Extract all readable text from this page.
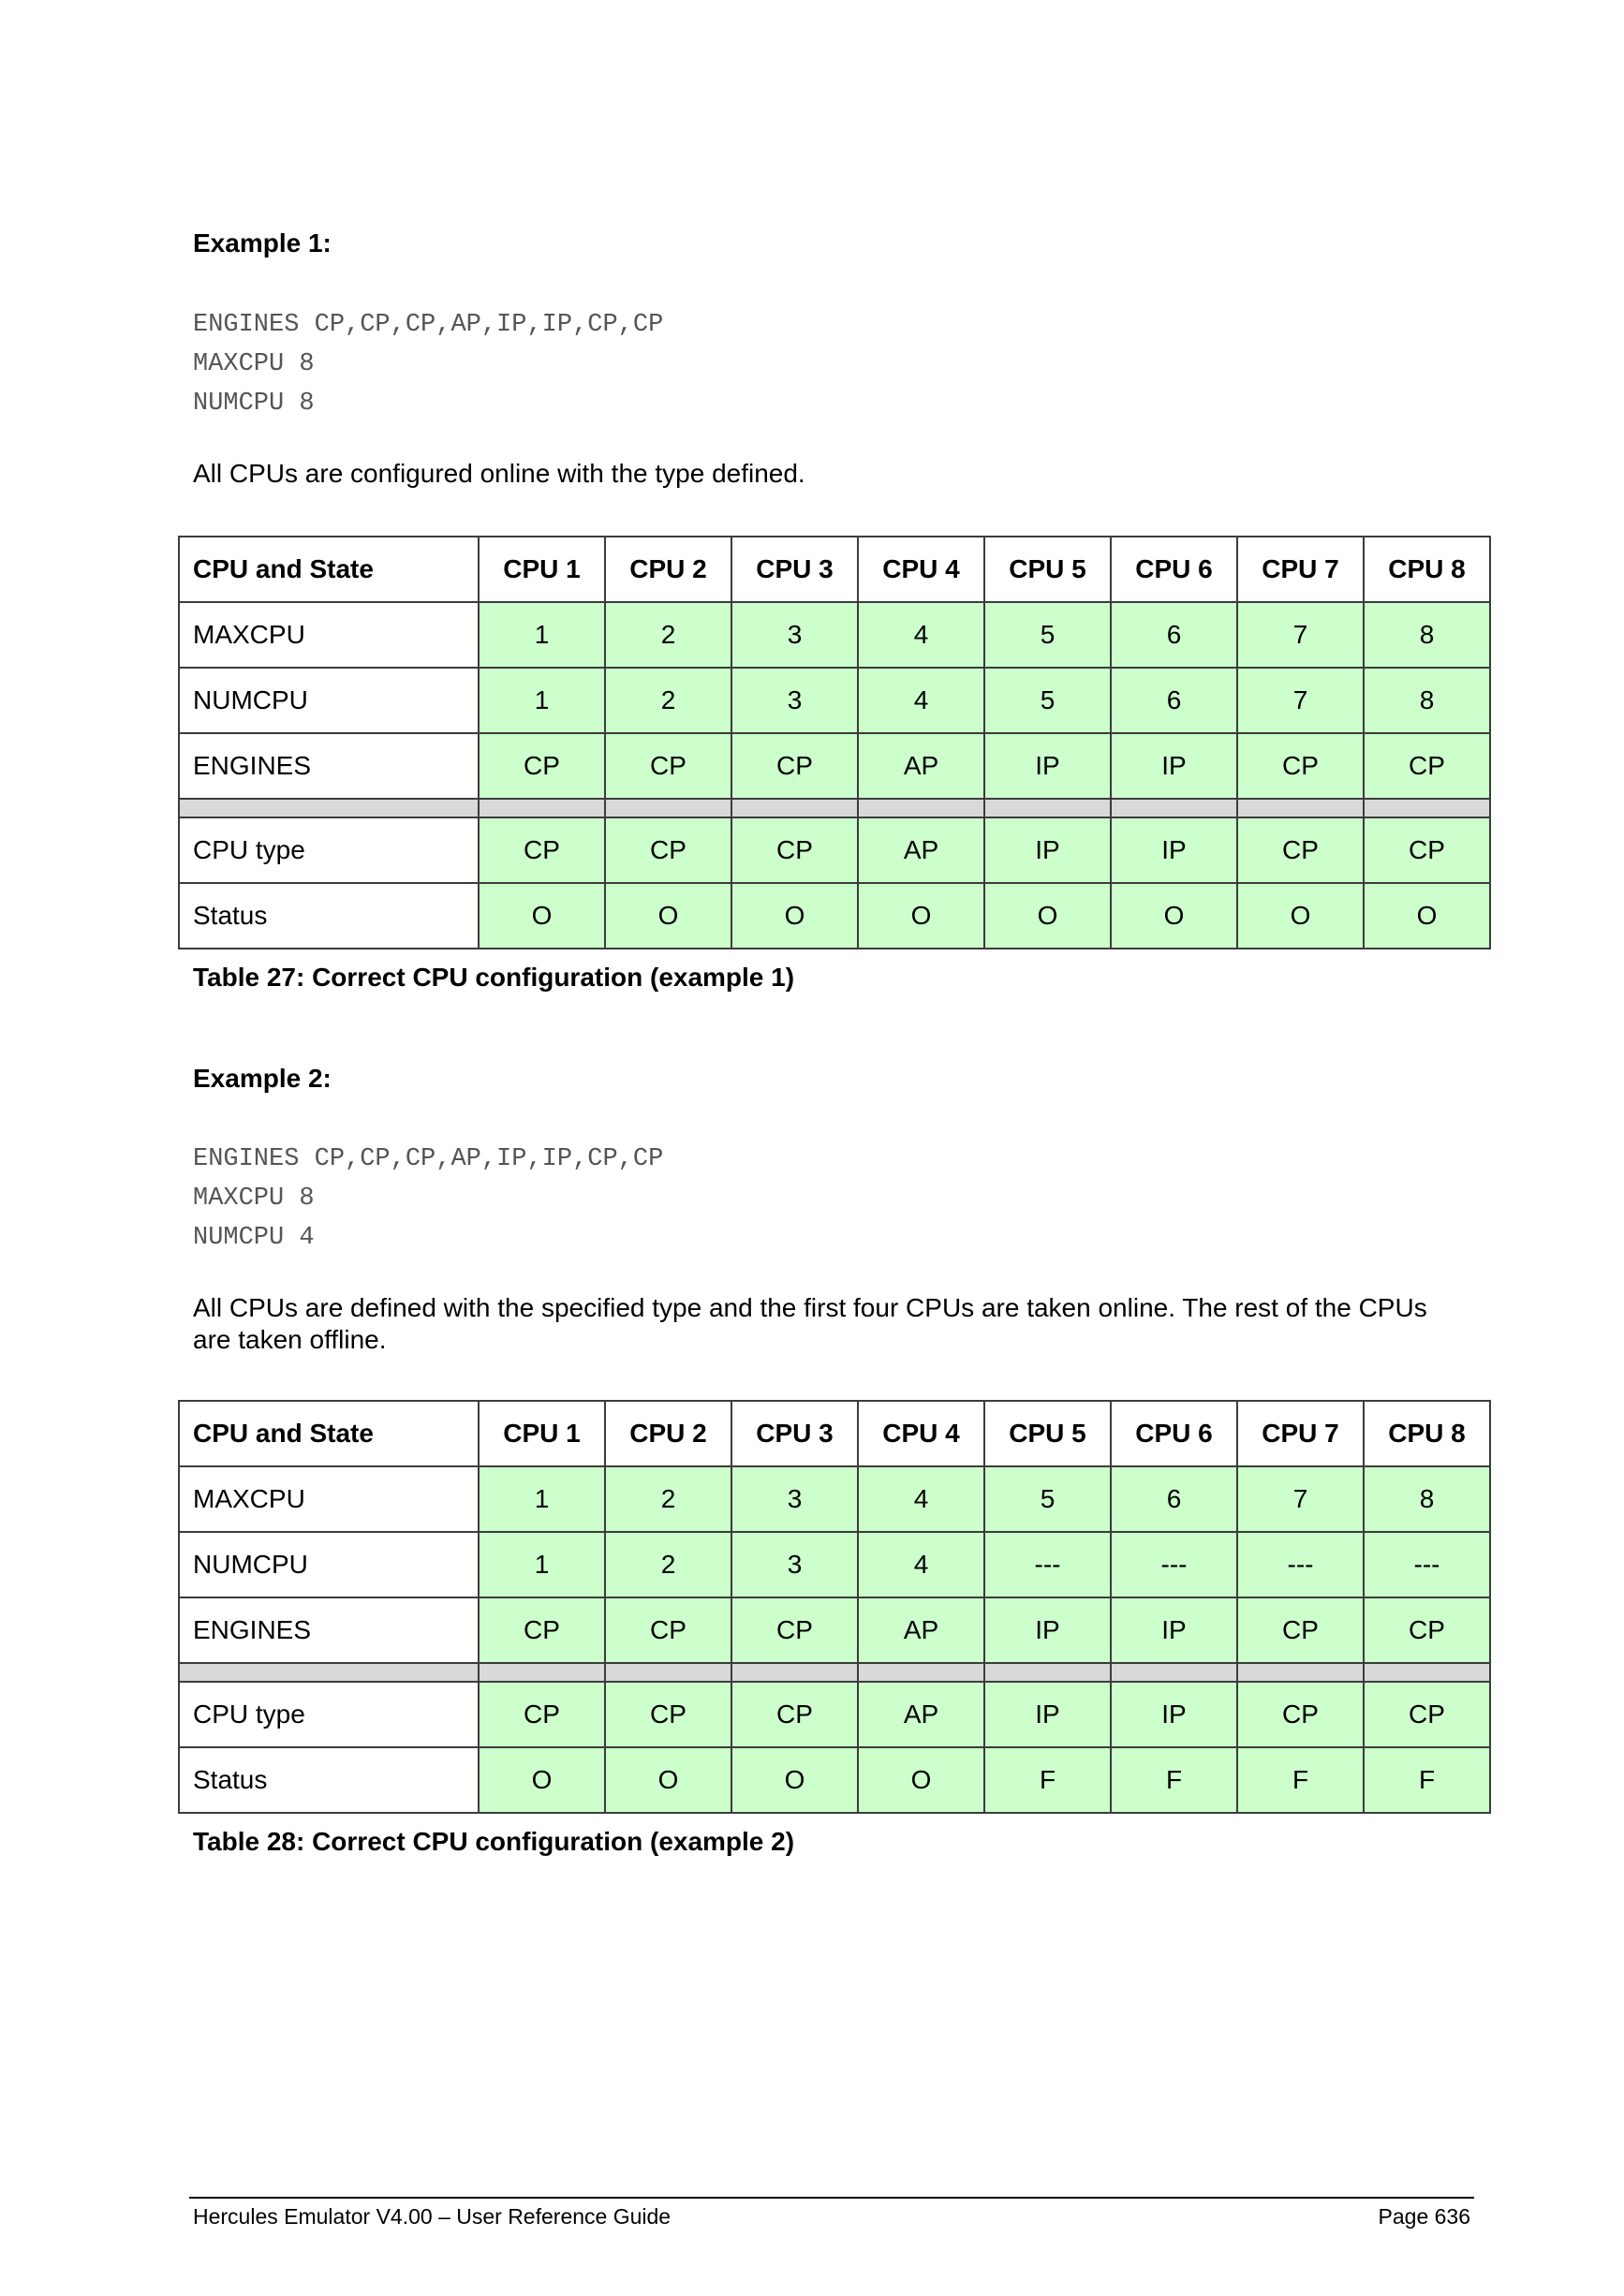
Example 1:
ENGINES CP,CP,CP,AP,IP,IP,CP,CP
MAXCPU 8
NUMCPU 8
All CPUs are configured online with the type defined.
CPU and State	CPU 1	CPU 2	CPU 3	CPU 4	CPU 5	CPU 6	CPU 7	CPU 8
MAXCPU	1	2	3	4	5	6	7	8
NUMCPU	1	2	3	4	5	6	7	8
ENGINES	CP	CP	CP	AP	IP	IP	CP	CP

CPU type	CP	CP	CP	AP	IP	IP	CP	CP
Status	O	O	O	O	O	O	O	O
Table 27: Correct CPU configuration (example 1)
Example 2:
ENGINES CP,CP,CP,AP,IP,IP,CP,CP
MAXCPU 8
NUMCPU 4
All CPUs are defined with the specified type and the first four CPUs are taken online. The rest of the CPUs are taken offline.
CPU and State	CPU 1	CPU 2	CPU 3	CPU 4	CPU 5	CPU 6	CPU 7	CPU 8
MAXCPU	1	2	3	4	5	6	7	8
NUMCPU	1	2	3	4	---	---	---	---
ENGINES	CP	CP	CP	AP	IP	IP	CP	CP

CPU type	CP	CP	CP	AP	IP	IP	CP	CP
Status	O	O	O	O	F	F	F	F
Table 28: Correct CPU configuration (example 2)
Hercules Emulator V4.00 – User Reference Guide	Page 636
